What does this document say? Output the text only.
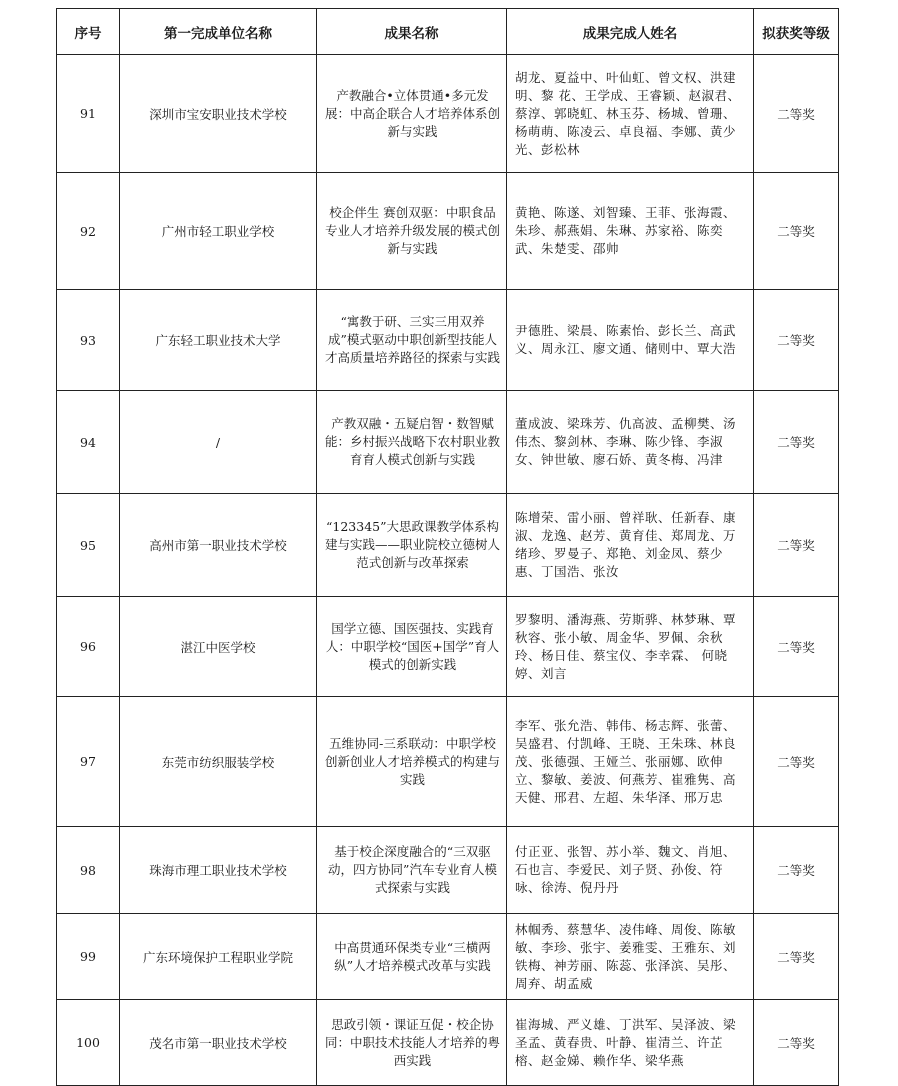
序号	第一完成单位名称	成果名称	成果完成人姓名	拟获奖等级
91	深圳市宝安职业技术学校	产教融合•立体贯通•多元发展：中高企联合人才培养体系创新与实践	胡龙、夏益中、叶仙虹、曾文权、洪建明、黎 花、王学成、王睿颖、赵淑君、蔡淳、郭晓虹、林玉芬、杨城、曾珊、杨萌萌、陈凌云、卓良福、李娜、黄少光、彭松林	二等奖
92	广州市轻工职业学校	校企伴生 赛创双驱：中职食品专业人才培养升级发展的模式创新与实践	黄艳、陈遂、刘智臻、王菲、张海霞、朱珍、郝燕娟、朱琳、苏家裕、陈奕武、朱楚雯、邵帅	二等奖
93	广东轻工职业技术大学	“寓教于研、三实三用双养成”模式驱动中职创新型技能人才高质量培养路径的探索与实践	尹德胜、梁晨、陈素怡、彭长兰、高武义、周永江、廖文通、储则中、覃大浩	二等奖
94	/	产教双融・五疑启智・数智赋能：乡村振兴战略下农村职业教育育人模式创新与实践	董成波、梁珠芳、仇高波、孟柳樊、汤伟杰、黎剑林、李琳、陈少锋、李淑女、钟世敏、廖石娇、黄冬梅、冯津	二等奖
95	高州市第一职业技术学校	“123345”大思政课教学体系构建与实践——职业院校立德树人范式创新与改革探索	陈增荣、雷小丽、曾祥耿、任新春、康淑、龙逸、赵芳、黄育佳、郑周龙、万绪珍、罗曼子、郑艳、刘金凤、蔡少惠、丁国浩、张汝	二等奖
96	湛江中医学校	国学立德、国医强技、实践育人：中职学校“国医+国学”育人模式的创新实践	罗黎明、潘海燕、劳斯骅、林梦琳、覃秋容、张小敏、周金华、罗佩、余秋玲、杨日佳、蔡宝仪、李幸霖、 何晓婷、刘言	二等奖
97	东莞市纺织服装学校	五维协同-三系联动：中职学校创新创业人才培养模式的构建与实践	李军、张允浩、韩伟、杨志辉、张蕾、吴盛君、付凯峰、王晓、王朱珠、林良茂、张德强、王娅兰、张丽娜、欧伸立、黎敏、姜波、何燕芳、崔雅隽、高天健、邢君、左超、朱华泽、邢万忠	二等奖
98	珠海市理工职业技术学校	基于校企深度融合的“三双驱动，四方协同”汽车专业育人模式探索与实践	付正亚、张智、苏小举、魏文、肖旭、石也言、李爱民、刘子贤、孙俊、符咏、徐涛、倪丹丹	二等奖
99	广东环境保护工程职业学院	中高贯通环保类专业“三横两纵”人才培养模式改革与实践	林帼秀、蔡慧华、凌伟峰、周俊、陈敏敏、李珍、张宇、姜雅雯、王雅东、刘铁梅、神芳丽、陈蕊、张泽滨、吴彤、周弃、胡孟威	二等奖
100	茂名市第一职业技术学校	思政引领・课证互促・校企协同：中职技术技能人才培养的粤西实践	崔海城、严义雄、丁洪军、吴泽波、梁圣孟、黄春贵、叶静、崔清兰、许芷榕、赵金娣、赖作华、梁华燕	二等奖
